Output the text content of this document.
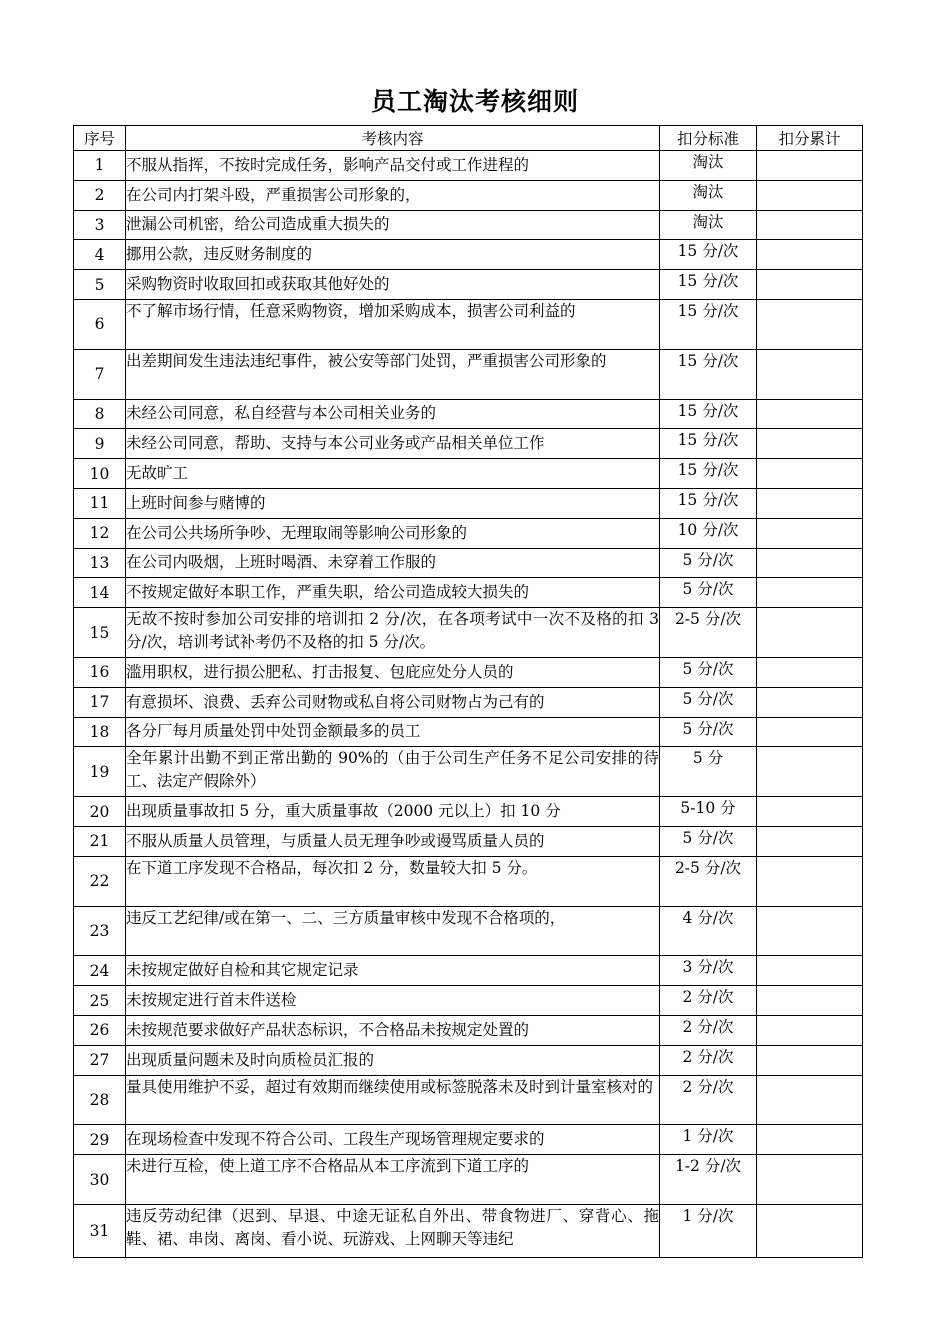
员工淘汰考核细则
序号	考核内容	扣分标准	扣分累计
1	不服从指挥，不按时完成任务，影响产品交付或工作进程的	淘汰	
2	在公司内打架斗殴，严重损害公司形象的，	淘汰	
3	泄漏公司机密，给公司造成重大损失的	淘汰	
4	挪用公款，违反财务制度的	15 分/次	
5	采购物资时收取回扣或获取其他好处的	15 分/次	
6	不了解市场行情，任意采购物资，增加采购成本，损害公司利益的	15 分/次	
7	出差期间发生违法违纪事件，被公安等部门处罚，严重损害公司形象的	15 分/次	
8	未经公司同意，私自经营与本公司相关业务的	15 分/次	
9	未经公司同意，帮助、支持与本公司业务或产品相关单位工作	15 分/次	
10	无故旷工	15 分/次	
11	上班时间参与赌博的	15 分/次	
12	在公司公共场所争吵、无理取闹等影响公司形象的	10 分/次	
13	在公司内吸烟，上班时喝酒、未穿着工作服的	5 分/次	
14	不按规定做好本职工作，严重失职，给公司造成较大损失的	5 分/次	
15	无故不按时参加公司安排的培训扣 2 分/次，在各项考试中一次不及格的扣 3 分/次，培训考试补考仍不及格的扣 5 分/次。	2-5 分/次	
16	滥用职权，进行损公肥私、打击报复、包庇应处分人员的	5 分/次	
17	有意损坏、浪费、丢弃公司财物或私自将公司财物占为己有的	5 分/次	
18	各分厂每月质量处罚中处罚金额最多的员工	5 分/次	
19	全年累计出勤不到正常出勤的 90%的（由于公司生产任务不足公司安排的待工、法定产假除外）	5 分	
20	出现质量事故扣 5 分，重大质量事故（2000 元以上）扣 10 分	5-10 分	
21	不服从质量人员管理，与质量人员无理争吵或谩骂质量人员的	5 分/次	
22	在下道工序发现不合格品，每次扣 2 分，数量较大扣 5 分。	2-5 分/次	
23	违反工艺纪律/或在第一、二、三方质量审核中发现不合格项的，	4 分/次	
24	未按规定做好自检和其它规定记录	3 分/次	
25	未按规定进行首末件送检	2 分/次	
26	未按规范要求做好产品状态标识，不合格品未按规定处置的	2 分/次	
27	出现质量问题未及时向质检员汇报的	2 分/次	
28	量具使用维护不妥，超过有效期而继续使用或标签脱落未及时到计量室核对的	2 分/次	
29	在现场检查中发现不符合公司、工段生产现场管理规定要求的	1 分/次	
30	未进行互检，使上道工序不合格品从本工序流到下道工序的	1-2 分/次	
31	违反劳动纪律（迟到、早退、中途无证私自外出、带食物进厂、穿背心、拖鞋、裙、串岗、离岗、看小说、玩游戏、上网聊天等违纪	1 分/次	
